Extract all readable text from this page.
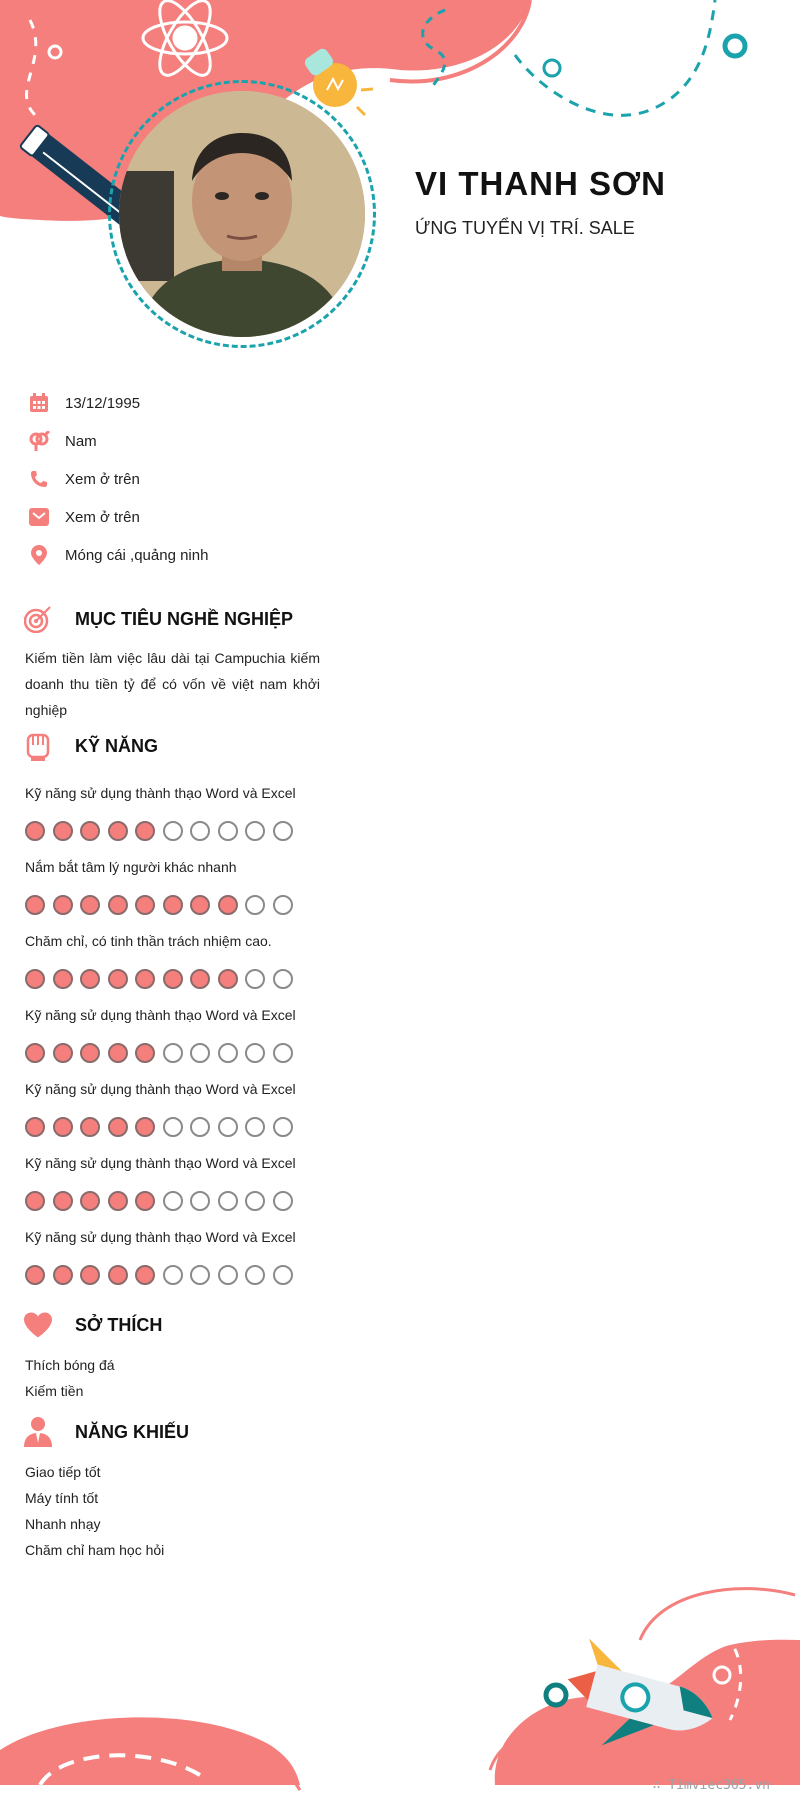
VI THANH SƠN
ỨNG TUYỂN VỊ TRÍ. SALE
13/12/1995
Nam
Xem ở trên
Xem ở trên
Móng cái ,quảng ninh
MỤC TIÊU NGHỀ NGHIỆP
Kiếm tiền làm việc lâu dài tại Campuchia kiếm doanh thu tiền tỷ để có vốn về việt nam khởi nghiệp
KỸ NĂNG
Kỹ năng sử dụng thành thạo Word và Excel
Nắm bắt tâm lý người khác nhanh
Chăm chỉ, có tinh thần trách nhiệm cao.
Kỹ năng sử dụng thành thạo Word và Excel
Kỹ năng sử dụng thành thạo Word và Excel
Kỹ năng sử dụng thành thạo Word và Excel
Kỹ năng sử dụng thành thạo Word và Excel
SỞ THÍCH
Thích bóng đá
Kiếm tiền
NĂNG KHIẾU
Giao tiếp tốt
Máy tính tốt
Nhanh nhạy
Chăm chỉ ham học hỏi
∴ Timviec365.vn
